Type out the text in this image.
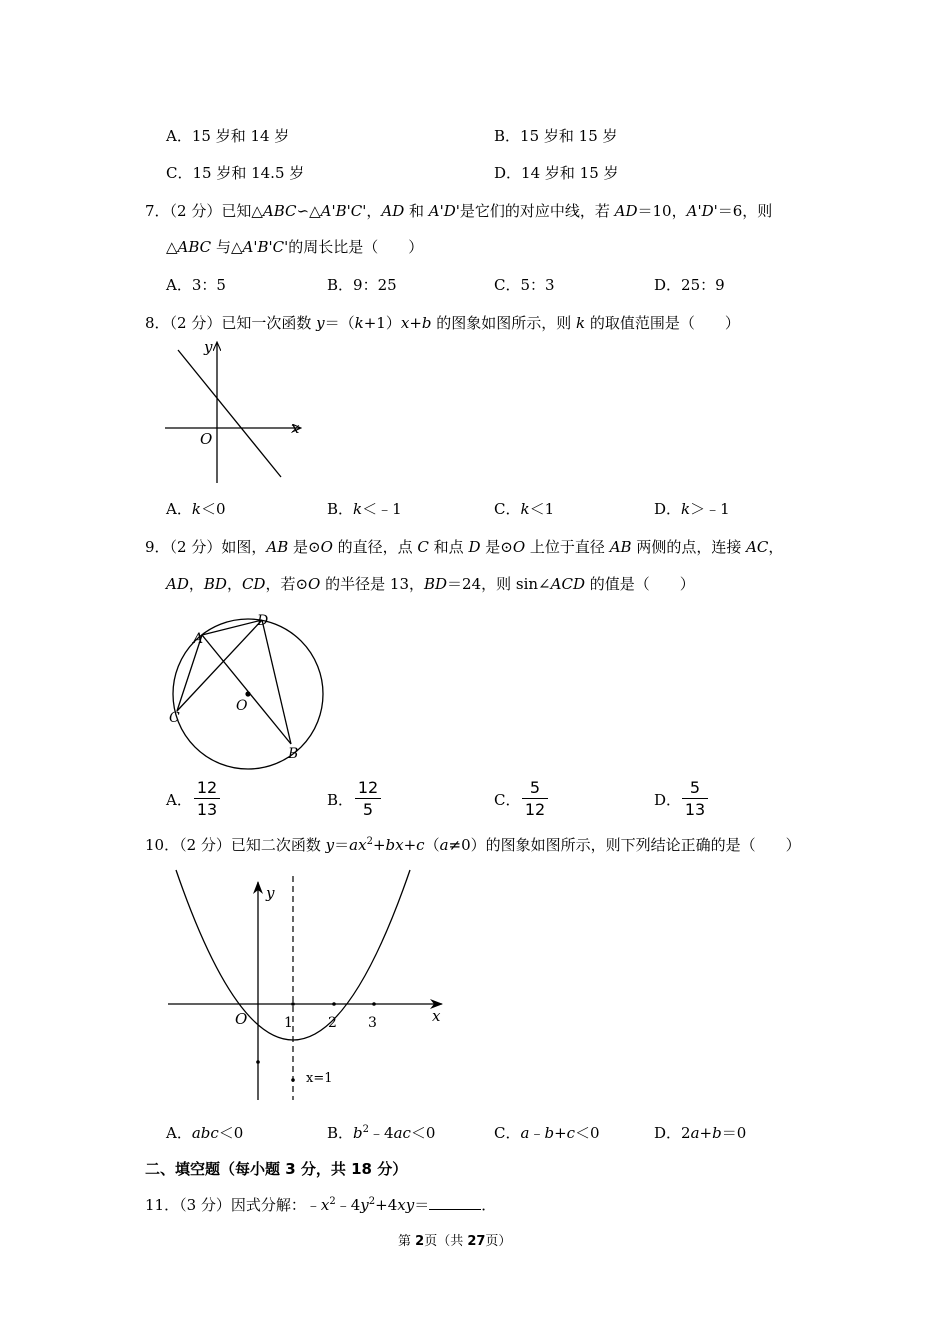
A．15 岁和 14 岁	B．15 岁和 15 岁
C．15 岁和 14.5 岁	D．14 岁和 15 岁
7．（2 分）已知△ABC∽△A'B'C'，AD 和 A'D'是它们的对应中线，若 AD＝10，A'D'＝6，则
△ABC 与△A'B'C'的周长比是（　　）
A．3：5	B．9：25	C．5：3	D．25：9
8．（2 分）已知一次函数 y＝（k+1）x+b 的图象如图所示，则 k 的取值范围是（　　）
y
x
O
A．k＜0	B．k＜﹣1	C．k＜1	D．k＞﹣1
9．（2 分）如图，AB 是⊙O 的直径，点 C 和点 D 是⊙O 上位于直径 AB 两侧的点，连接 AC，
AD，BD，CD，若⊙O 的半径是 13，BD＝24，则 sin∠ACD 的值是（　　）
A
D
O
C
B
A．
12
13	B．
12
5	C．
5
12	D．
5
13
10．（2 分）已知二次函数 $y=ax^2+bx+c(a\ne 0)$的图象如图所示，则下列结论正确的是（　　）
y
x
O	1	2 3
x=1
A．abc＜0	B．$b^2﹣4ac<0$	C．a﹣b+c＜0	D．2a+b＝0
二、填空题（每小题 3 分，共 18 分）
11．（3 分）因式分解：$﹣x^2﹣4y^2+4xy=$	．
第 2页（共 27页）
